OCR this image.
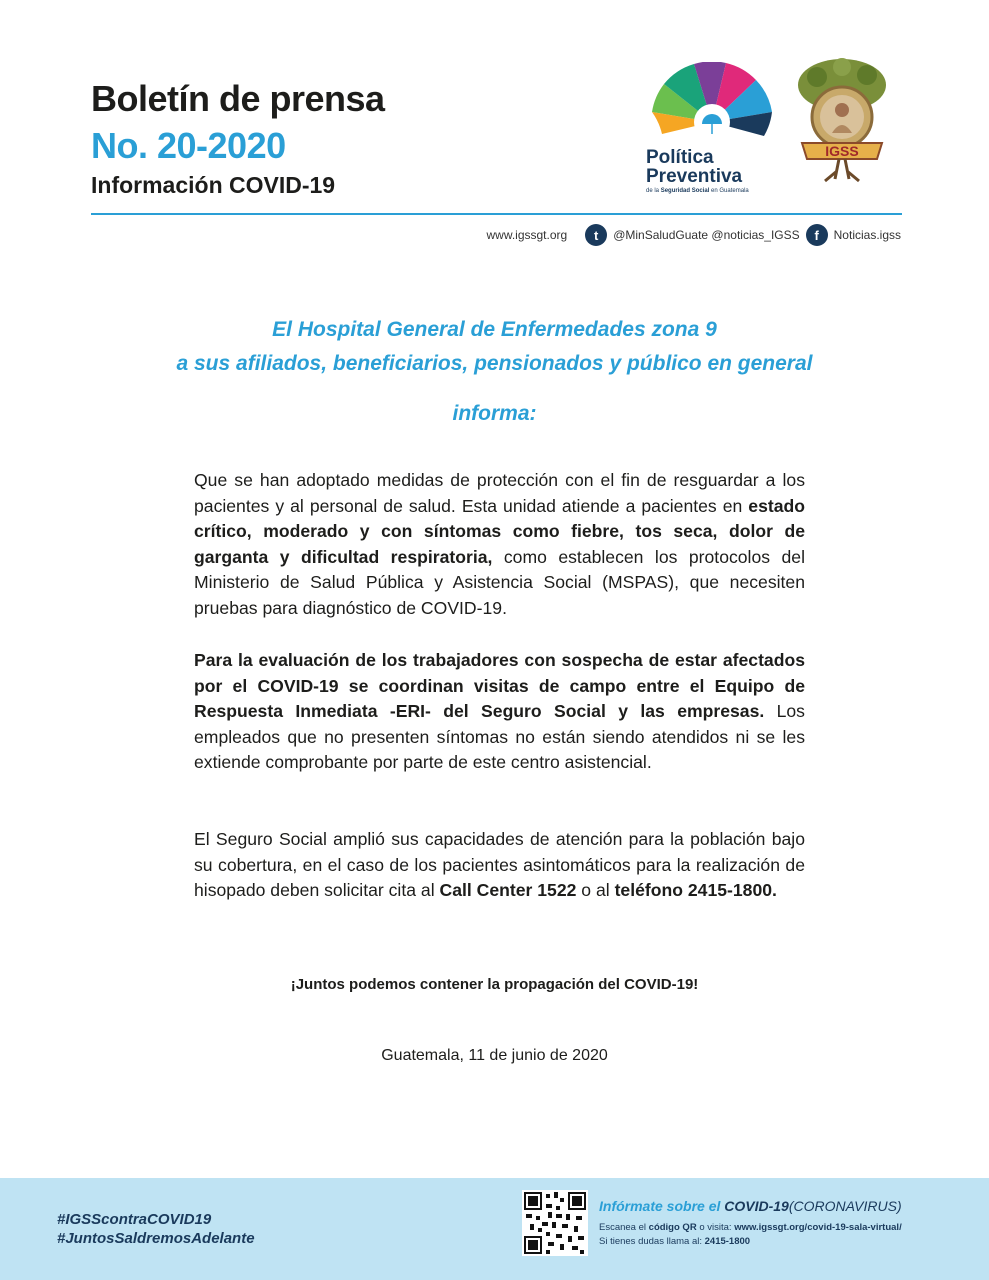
Boletín de prensa
No. 20-2020
Información COVID-19
Política
Preventiva
de la Seguridad Social en Guatemala
IGSS
www.igssgt.org	t	@MinSaludGuate @noticias_IGSS	f	Noticias.igss
El Hospital General de Enfermedades zona 9
a sus afiliados, beneficiarios, pensionados y público en general
informa:
Que se han adoptado medidas de protección con el fin de resguardar a los pacientes y al personal de salud. Esta unidad atiende a pacientes en estado crítico, moderado y con síntomas como fiebre, tos seca, dolor de garganta y dificultad respiratoria, como establecen los protocolos del Ministerio de Salud Pública y Asistencia Social (MSPAS), que necesiten pruebas para diagnóstico de COVID-19.
Para la evaluación de los trabajadores con sospecha de estar afectados por el COVID-19 se coordinan visitas de campo entre el Equipo de Respuesta Inmediata -ERI- del Seguro Social y las empresas. Los empleados que no presenten síntomas no están siendo atendidos ni se les extiende comprobante por parte de este centro asistencial.
El Seguro Social amplió sus capacidades de atención para la población bajo su cobertura, en el caso de los pacientes asintomáticos para la realización de hisopado deben solicitar cita al Call Center 1522 o al teléfono 2415-1800.
¡Juntos podemos contener la propagación del COVID-19!
Guatemala, 11 de junio de 2020
#IGSScontraCOVID19
#JuntosSaldremosAdelante
Infórmate sobre el COVID-19(CORONAVIRUS)
Escanea el código QR o visita: www.igssgt.org/covid-19-sala-virtual/
Si tienes dudas llama al: 2415-1800
